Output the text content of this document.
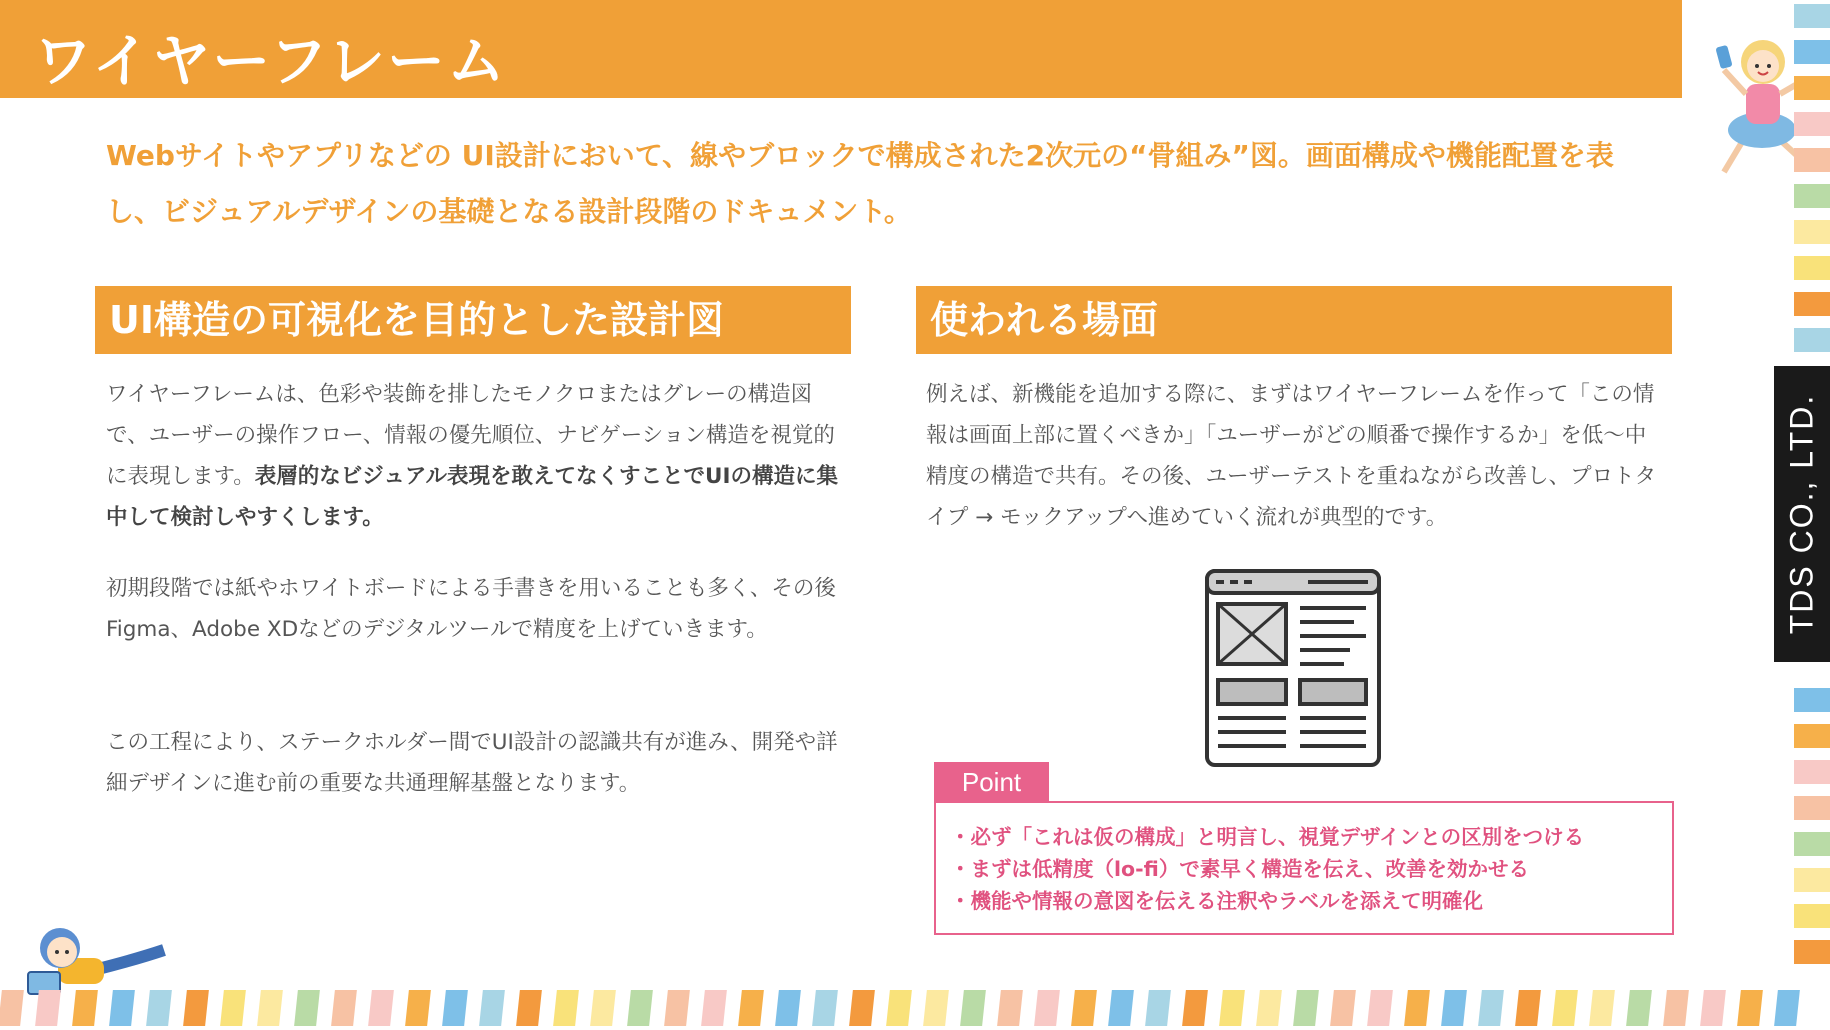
ワイヤーフレーム
Webサイトやアプリなどの UI設計において、線やブロックで構成された2次元の“骨組み”図。画面構成や機能配置を表し、ビジュアルデザインの基礎となる設計段階のドキュメント。
UI構造の可視化を目的とした設計図	使われる場面

ワイヤーフレームは、色彩や装飾を排したモノクロまたはグレーの構造図で、ユーザーの操作フロー、情報の優先順位、ナビゲーション構造を視覚的に表現します。表層的なビジュアル表現を敢えてなくすことでUIの構造に集中して検討しやすくします。

初期段階では紙やホワイトボードによる手書きを用いることも多く、その後Figma、Adobe XDなどのデジタルツールで精度を上げていきます。

この工程により、ステークホルダー間でUI設計の認識共有が進み、開発や詳細デザインに進む前の重要な共通理解基盤となります。

例えば、新機能を追加する際に、まずはワイヤーフレームを作って「この情報は画面上部に置くべきか」「ユーザーがどの順番で操作するか」を低〜中精度の構造で共有。その後、ユーザーテストを重ねながら改善し、プロトタイプ → モックアップへ進めていく流れが典型的です。

Point
・ 必ず「これは仮の構成」と明言し、視覚デザインとの区別をつける
・ まずは低精度（lo-fi）で素早く構造を伝え、改善を効かせる
・ 機能や情報の意図を伝える注釈やラベルを添えて明確化
TDS CO., LTD.
